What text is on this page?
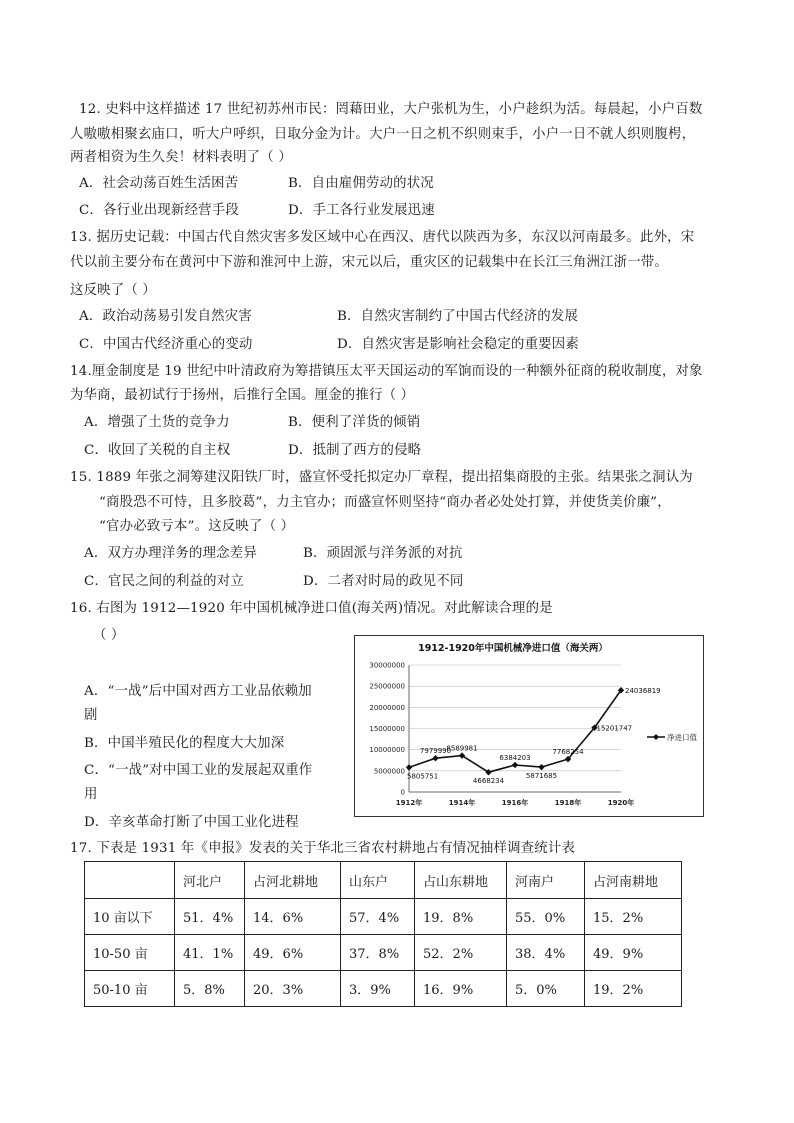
12. 史料中这样描述 17 世纪初苏州市民：罔藉田业，大户张机为生，小户趁织为活。每晨起，小户百数
人嗷嗷相聚玄庙口，听大户呼织，日取分金为计。大户一日之机不织则束手，小户一日不就人织则腹枵，
两者相资为生久矣！材料表明了（ ）
A．社会动荡百姓生活困苦	B．自由雇佣劳动的状况
C．各行业出现新经营手段	D．手工各行业发展迅速
13. 据历史记载：中国古代自然灾害多发区域中心在西汉、唐代以陕西为多，东汉以河南最多。此外，宋
代以前主要分布在黄河中下游和淮河中上游，宋元以后，重灾区的记载集中在长江三角洲江浙一带。
这反映了（ ）
A．政治动荡易引发自然灾害	B．自然灾害制约了中国古代经济的发展
C．中国古代经济重心的变动	D．自然灾害是影响社会稳定的重要因素
14.厘金制度是 19 世纪中叶清政府为筹措镇压太平天国运动的军饷而设的一种额外征商的税收制度，对象
为华商，最初试行于扬州，后推行全国。厘金的推行（ ）
A．增强了土货的竞争力	B．便利了洋货的倾销
C．收回了关税的自主权	D．抵制了西方的侵略
15. 1889 年张之洞筹建汉阳铁厂时，盛宣怀受托拟定办厂章程，提出招集商股的主张。结果张之洞认为
“商股恐不可恃，且多胶葛”，力主官办；而盛宣怀则坚持“商办者必处处打算，并使货美价廉”，
“官办必致亏本”。这反映了（ ）
A．双方办理洋务的理念差异	B．顽固派与洋务派的对抗
C．官民之间的利益的对立	D．二者对时局的政见不同
16. 右图为 1912—1920 年中国机械净进口值(海关两)情况。对此解读合理的是
（ ）
A．“一战”后中国对西方工业品依赖加
剧
B．中国半殖民化的程度大大加深
C．“一战”对中国工业的发展起双重作
用
D．辛亥革命打断了中国工业化进程
1912-1920年中国机械净进口值（海关两）
0
5000000
10000000
15000000
20000000
25000000
30000000
1912年	1914年	1916年	1918年	1920年
5805751
7979990
8589981
4668234
6384203
5871685
7768254
15201747
24036819
净进口值
17. 下表是 1931 年《申报》发表的关于华北三省农村耕地占有情况抽样调查统计表
	河北户	占河北耕地	山东户	占山东耕地	河南户	占河南耕地
10 亩以下	51．4%	14．6%	57．4%	19．8%	55．0%	15．2%
10-50 亩	41．1%	49．6%	37．8%	52．2%	38．4%	49．9%
50-10 亩	5．8%	20．3%	3．9%	16．9%	5．0%	19．2%
